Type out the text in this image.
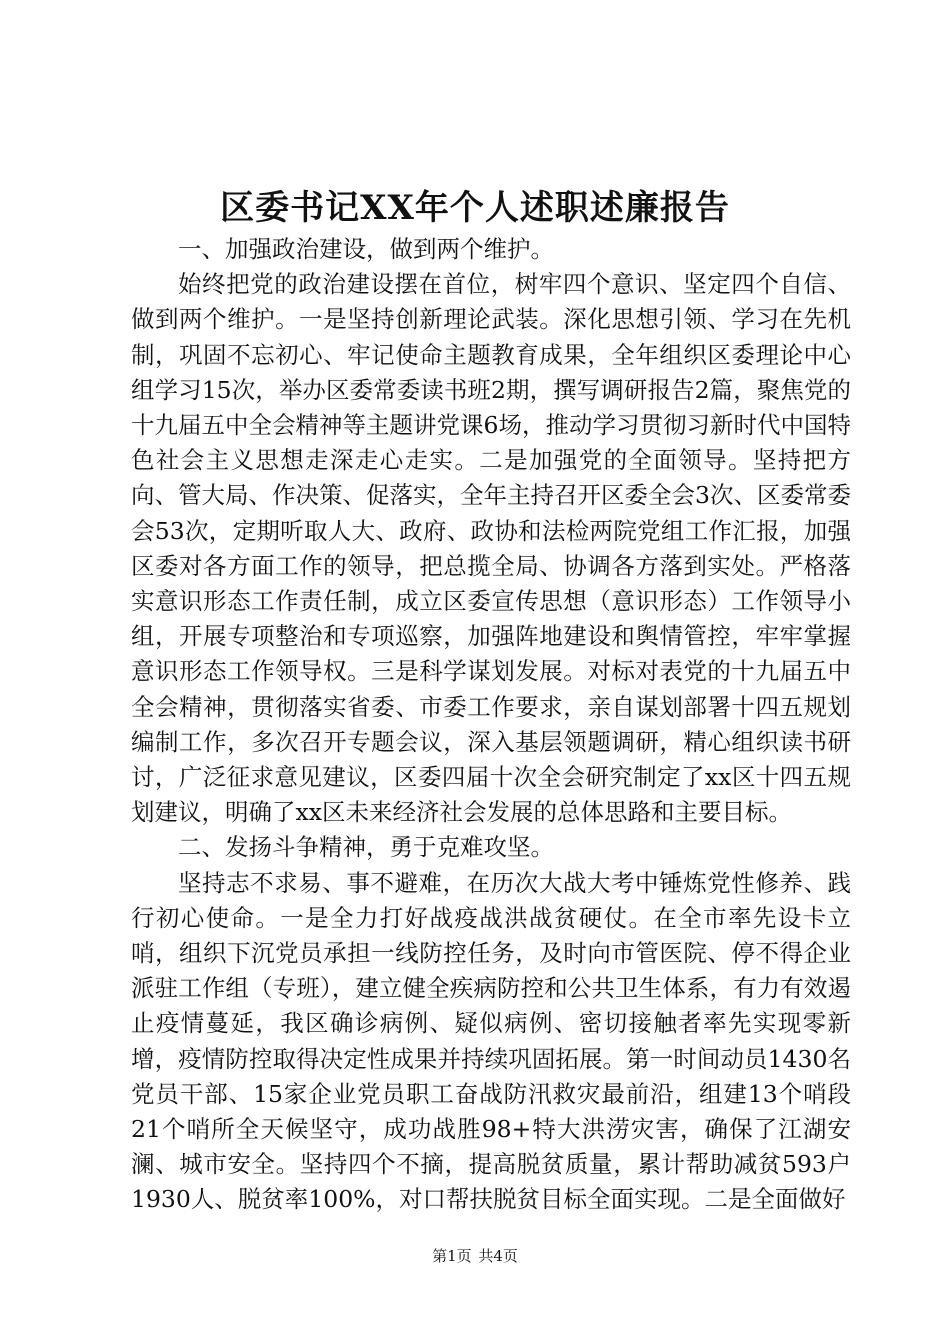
区委书记XX年个人述职述廉报告

一、加强政治建设，做到两个维护。

始终把党的政治建设摆在首位，树牢四个意识、坚定四个自信、做到两个维护。一是坚持创新理论武装。深化思想引领、学习在先机制，巩固不忘初心、牢记使命主题教育成果，全年组织区委理论中心组学习15次，举办区委常委读书班2期，撰写调研报告2篇，聚焦党的十九届五中全会精神等主题讲党课6场，推动学习贯彻习新时代中国特色社会主义思想走深走心走实。二是加强党的全面领导。坚持把方向、管大局、作决策、促落实，全年主持召开区委全会3次、区委常委会53次，定期听取人大、政府、政协和法检两院党组工作汇报，加强区委对各方面工作的领导，把总揽全局、协调各方落到实处。严格落实意识形态工作责任制，成立区委宣传思想（意识形态）工作领导小组，开展专项整治和专项巡察，加强阵地建设和舆情管控，牢牢掌握意识形态工作领导权。三是科学谋划发展。对标对表党的十九届五中全会精神，贯彻落实省委、市委工作要求，亲自谋划部署十四五规划编制工作，多次召开专题会议，深入基层领题调研，精心组织读书研讨，广泛征求意见建议，区委四届十次全会研究制定了xx区十四五规划建议，明确了xx区未来经济社会发展的总体思路和主要目标。

二、发扬斗争精神，勇于克难攻坚。

坚持志不求易、事不避难，在历次大战大考中锤炼党性修养、践行初心使命。一是全力打好战疫战洪战贫硬仗。在全市率先设卡立哨，组织下沉党员承担一线防控任务，及时向市管医院、停不得企业派驻工作组（专班），建立健全疾病防控和公共卫生体系，有力有效遏止疫情蔓延，我区确诊病例、疑似病例、密切接触者率先实现零新增，疫情防控取得决定性成果并持续巩固拓展。第一时间动员1430名党员干部、15家企业党员职工奋战防汛救灾最前沿，组建13个哨段21个哨所全天候坚守，成功战胜98+特大洪涝灾害，确保了江湖安澜、城市安全。坚持四个不摘，提高脱贫质量，累计帮助减贫593户1930人、脱贫率100%，对口帮扶脱贫目标全面实现。二是全面做好

第1页 共4页
